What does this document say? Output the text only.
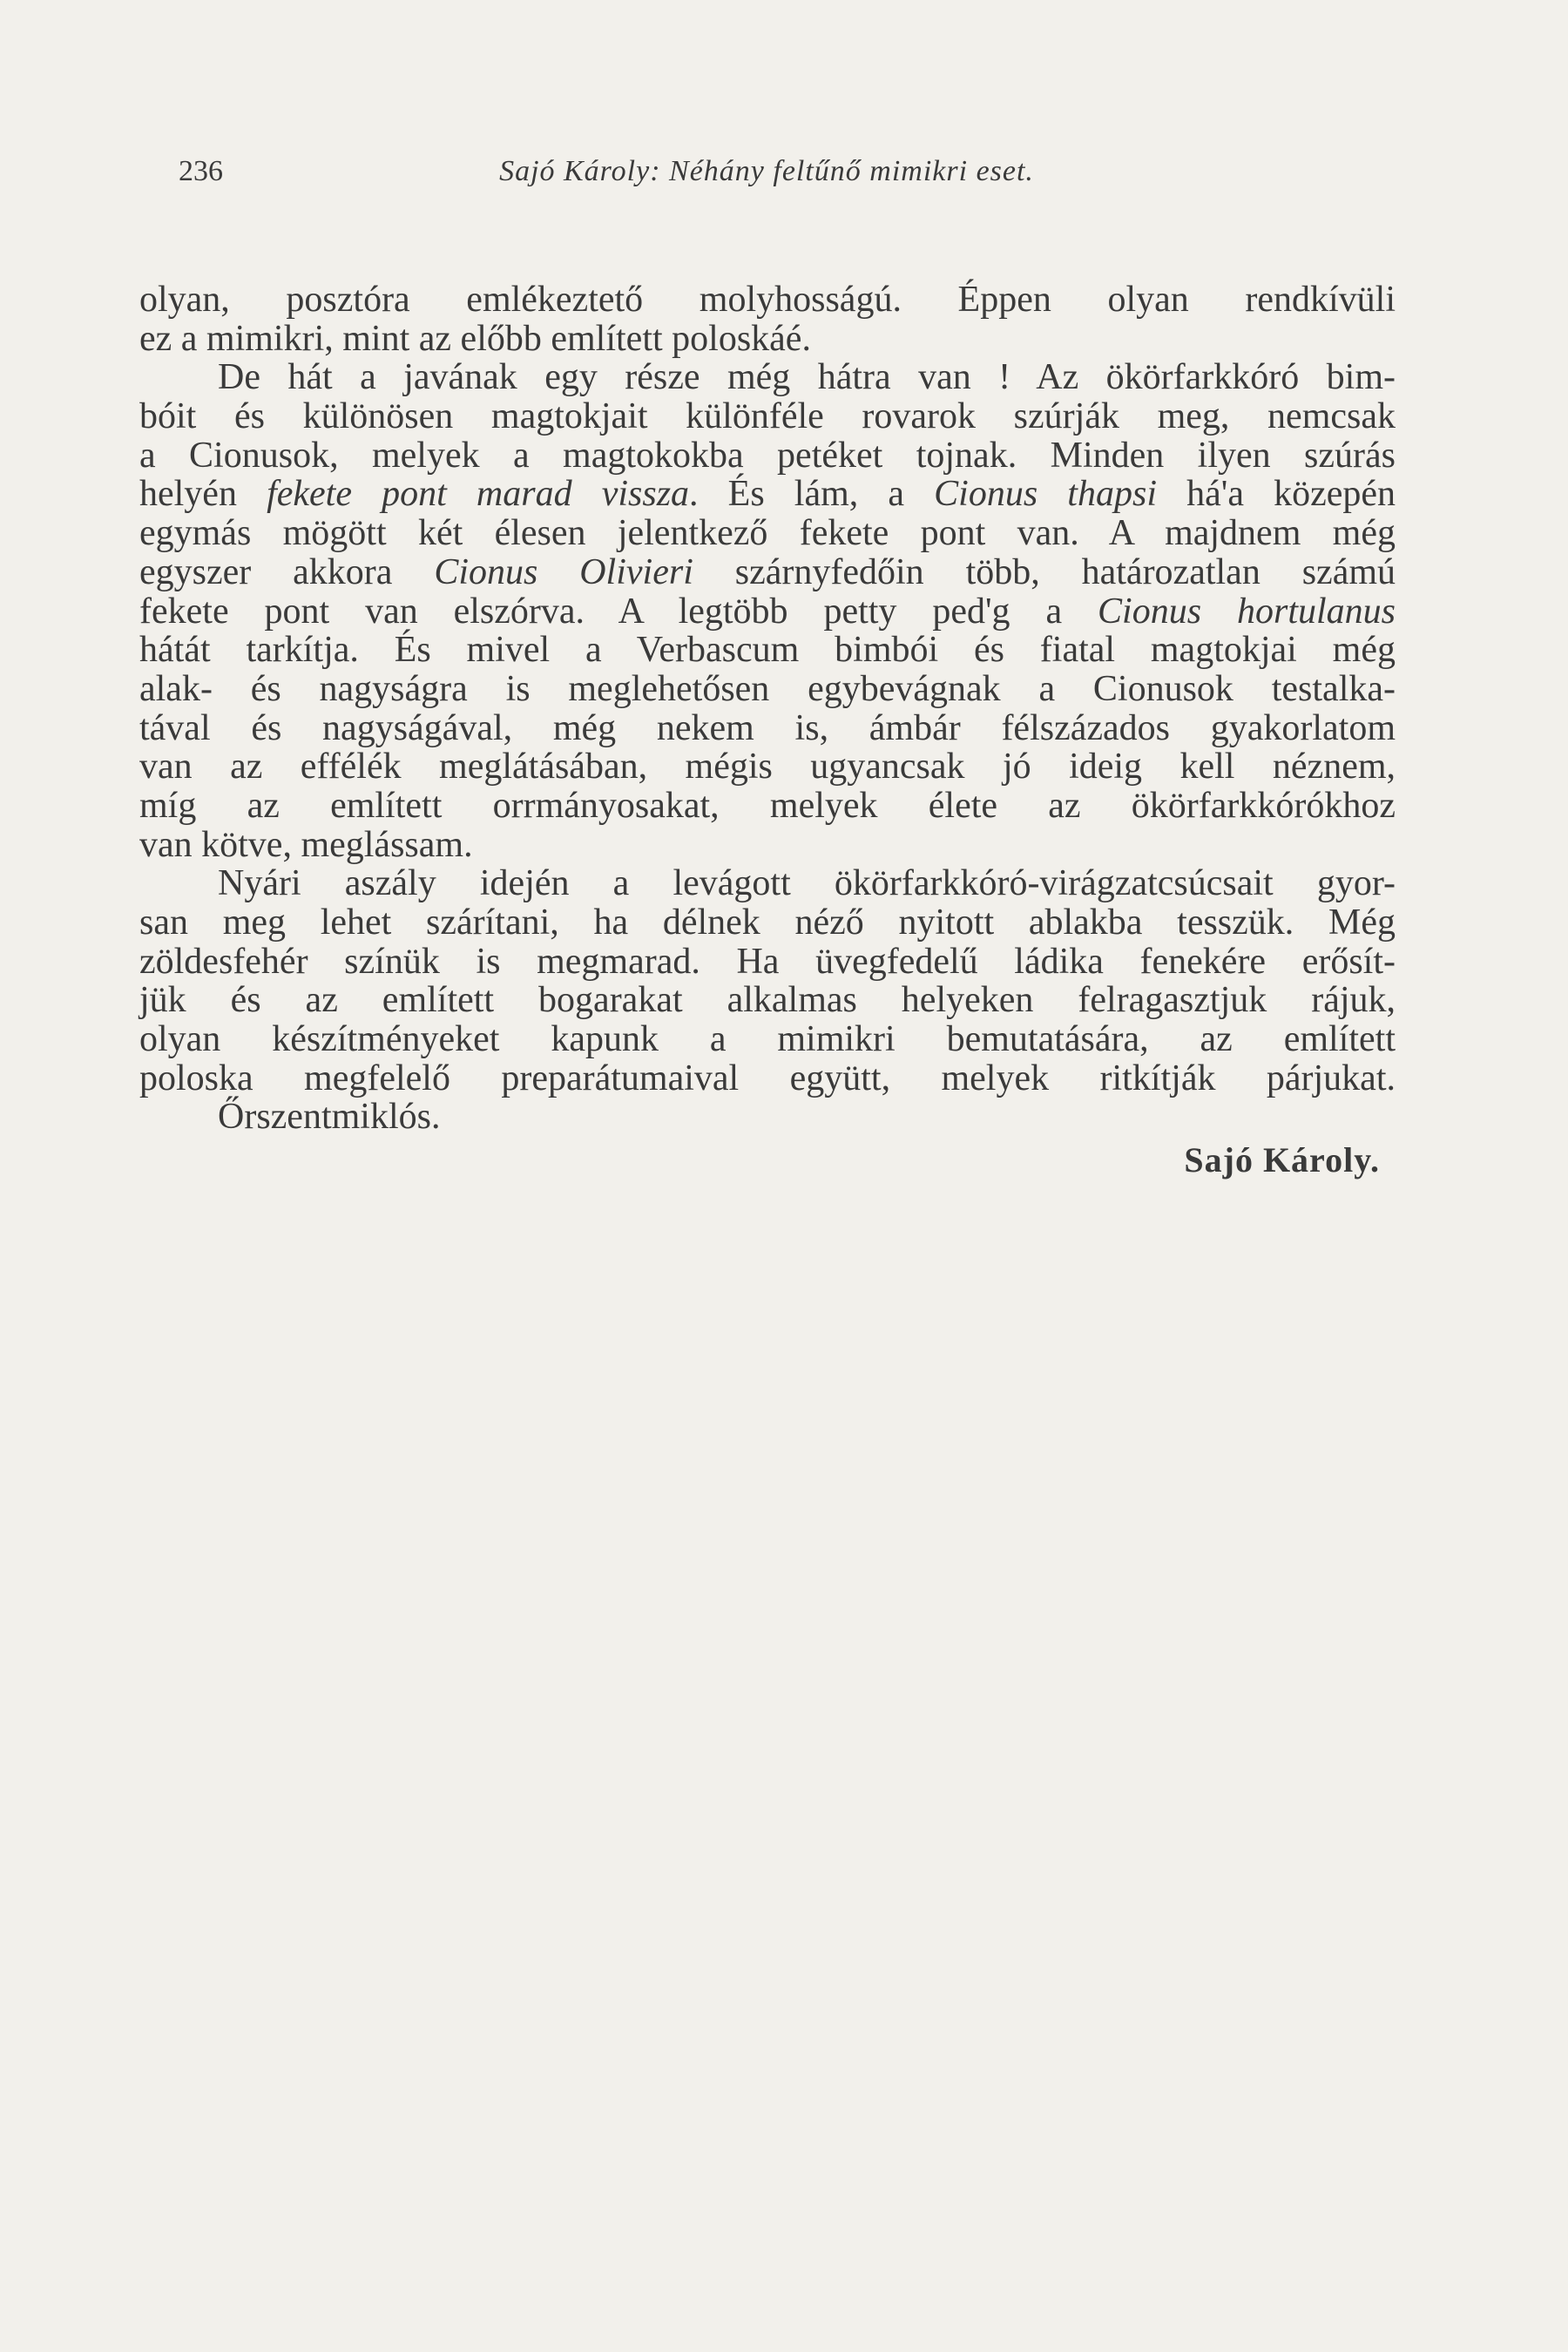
236	Sajó Károly: Néhány feltűnő mimikri eset.
olyan, posztóra emlékeztető molyhosságú. Éppen olyan rendkívüli
ez a mimikri, mint az előbb említett poloskáé.
De hát a javának egy része még hátra van ! Az ökörfarkkóró bim-
bóit és különösen magtokjait különféle rovarok szúrják meg, nemcsak
a Cionusok, melyek a magtokokba petéket tojnak. Minden ilyen szúrás
helyén fekete pont marad vissza. És lám, a Cionus thapsi há'a közepén
egymás mögött két élesen jelentkező fekete pont van. A majdnem még
egyszer akkora Cionus Olivieri szárnyfedőin több, határozatlan számú
fekete pont van elszórva. A legtöbb petty ped'g a Cionus hortulanus
hátát tarkítja. És mivel a Verbascum bimbói és fiatal magtokjai még
alak- és nagyságra is meglehetősen egybevágnak a Cionusok testalka-
tával és nagyságával, még nekem is, ámbár félszázados gyakorlatom
van az effélék meglátásában, mégis ugyancsak jó ideig kell néznem,
míg az említett orrmányosakat, melyek élete az ökörfarkkórókhoz
van kötve, meglássam.
Nyári aszály idején a levágott ökörfarkkóró-virágzatcsúcsait gyor-
san meg lehet szárítani, ha délnek néző nyitott ablakba tesszük. Még
zöldesfehér színük is megmarad. Ha üvegfedelű ládika fenekére erősít-
jük és az említett bogarakat alkalmas helyeken felragasztjuk rájuk,
olyan készítményeket kapunk a mimikri bemutatására, az említett
poloska megfelelő preparátumaival együtt, melyek ritkítják párjukat.
Őrszentmiklós.
Sajó Károly.
